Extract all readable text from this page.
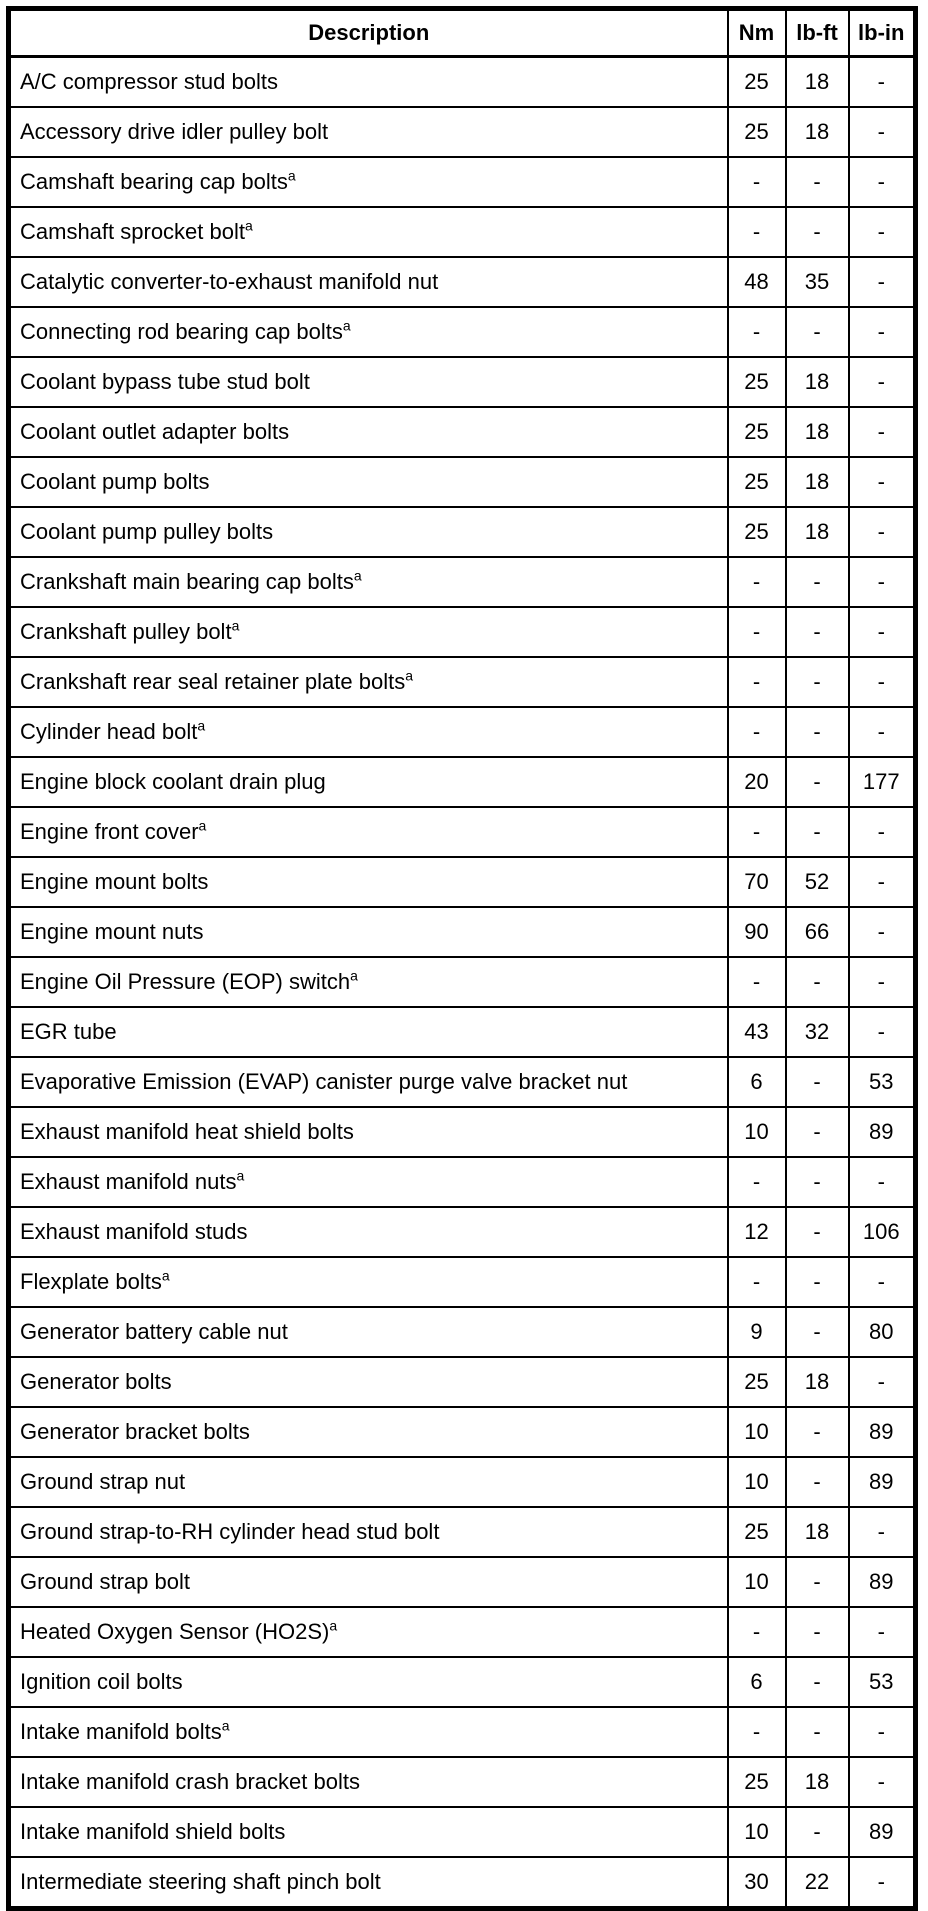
Description	Nm	lb-ft	lb-in
A/C compressor stud bolts	25	18	-
Accessory drive idler pulley bolt	25	18	-
Camshaft bearing cap bolts$^a$	-	-	-
Camshaft sprocket bolt$^a$	-	-	-
Catalytic converter-to-exhaust manifold nut	48	35	-
Connecting rod bearing cap bolts$^a$	-	-	-
Coolant bypass tube stud bolt	25	18	-
Coolant outlet adapter bolts	25	18	-
Coolant pump bolts	25	18	-
Coolant pump pulley bolts	25	18	-
Crankshaft main bearing cap bolts$^a$	-	-	-
Crankshaft pulley bolt$^a$	-	-	-
Crankshaft rear seal retainer plate bolts$^a$	-	-	-
Cylinder head bolt$^a$	-	-	-
Engine block coolant drain plug	20	-	177
Engine front cover$^a$	-	-	-
Engine mount bolts	70	52	-
Engine mount nuts	90	66	-
Engine Oil Pressure (EOP) switch$^a$	-	-	-
EGR tube	43	32	-
Evaporative Emission (EVAP) canister purge valve bracket nut	6	-	53
Exhaust manifold heat shield bolts	10	-	89
Exhaust manifold nuts$^a$	-	-	-
Exhaust manifold studs	12	-	106
Flexplate bolts$^a$	-	-	-
Generator battery cable nut	9	-	80
Generator bolts	25	18	-
Generator bracket bolts	10	-	89
Ground strap nut	10	-	89
Ground strap-to-RH cylinder head stud bolt	25	18	-
Ground strap bolt	10	-	89
Heated Oxygen Sensor (HO2S)$^a$	-	-	-
Ignition coil bolts	6	-	53
Intake manifold bolts$^a$	-	-	-
Intake manifold crash bracket bolts	25	18	-
Intake manifold shield bolts	10	-	89
Intermediate steering shaft pinch bolt	30	22	-
